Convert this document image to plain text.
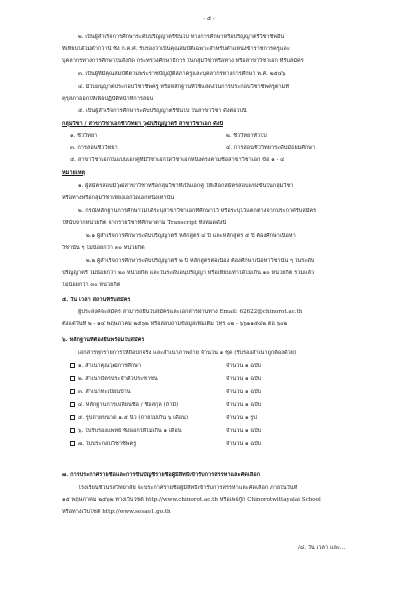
- ๕ -
๒. เป็นผู้สำเร็จการศึกษาระดับปริญญาตรีขึ้นไป ทางการศึกษาหรือปริญญาตรีวิชาชีพอื่น
ที่เทียบได้ไม่ต่ำกว่านี้ ซึ่ง ก.ค.ศ. รับรองว่าเป็นคุณสมบัติเฉพาะสำหรับตำแหน่งข้าราชการครูและ
บุคลากรทางการศึกษาในสังกัด กระทรวงศึกษาธิการ ในกลุ่มวิชาหรือทาง หรือสาขาวิชาเอก ที่รับสมัคร
๓. เป็นผู้ที่มีคุณสมบัติตามพระราชบัญญัติสภาครูและบุคลากรทางการศึกษา พ.ศ. ๒๕๔๖
๔. มีใบอนุญาตประกอบวิชาชีพครู หรือหลักฐานที่ใช้แสดงในการประกอบวิชาชีพครูตามที่
คุรุสภาออกให้เพื่อปฏิบัติหน้าที่การสอน
๕. เป็นผู้สำเร็จการศึกษาระดับปริญญาตรีขึ้นไป ในสาขาวิชา ดังต่อไปนี้
กลุ่มวิชา / สาขาวิชาเอกชีววิทยา วุฒิปริญญาตรี สาขาวิชาเอก ดังนี้
๑. ชีววิทยา	๒. ชีววิทยาทั่วไป
๓. การสอนชีววิทยา	๔. การสอนชีววิทยาระดับมัธยมศึกษา
๕. สาขาวิชาเอกในแบบเอกคู่ที่มีวิชาเอกใดวิชาเอกหนึ่งตรงตามชื่อสาขาวิชาเอก ข้อ ๑ - ๔
หมายเหตุ
๑. ผู้สมัครสอบมีวุฒิสาขาวิชาหรือกลุ่มวิชาที่เป็นเอกคู่ ให้เลือกสมัครสอบแข่งขันในกลุ่มวิชา
หรือทางหรือกลุ่มวิชาเพียงเอกใดเอกหนึ่งเท่านั้น
๒. กรณีหลักฐานการศึกษาไม่ได้ระบุสาขาวิชาเอกที่ศึกษาไว้ หรือระบุไว้แตกต่างจากประกาศรับสมัคร
ให้นับจากหน่วยกิต จากรายวิชาที่ศึกษาตาม Transcript ทั้งหมดดังนี้
๒.๑ ผู้สำเร็จการศึกษาระดับปริญญาตรี หลักสูตร ๔ ปี และหลักสูตร ๕ ปี ต้องศึกษาเนื้อหา
วิชานั้น ๆ ไม่น้อยกว่า ๓๐ หน่วยกิต
๒.๒ ผู้สำเร็จการศึกษาระดับปริญญาตรี ๒ ปี หลักสูตรต่อเนื่อง ต้องศึกษาเนื้อหาวิชานั้น ๆ ในระดับ
ปริญญาตรี ไม่น้อยกว่า ๒๐ หน่วยกิต และในระดับอนุปริญญา หรือเทียบเท่าได้ไม่เกิน ๑๐ หน่วยกิต รวมแล้ว
ไม่น้อยกว่า ๓๐ หน่วยกิต
๕. วัน เวลา สถานที่รับสมัคร
ผู้ประสงค์จะสมัคร สามารถยื่นใบสมัครและเอกสารผ่านทาง Email: 62622@chinorot.ac.th
ตั้งแต่วันที่ ๒ - ๑๔ พฤษภาคม ๒๕๖๒ หรือสอบถามข้อมูลเพิ่มเติม โทร ๐๒ - ๖๖๑๑๕๔๒ ต่อ ๖๐๒
๖. หลักฐานที่ต้องยื่นพร้อมใบสมัคร
เอกสารทุกรายการให้ถือปกจริง และสำเนาภาพถ่าย จำนวน ๑ ชุด (รับรองสำเนาถูกต้องด้วย)
๑. สำเนาคุณวุฒิการศึกษา	จำนวน ๑ ฉบับ
๒. สำเนาบัตรประจำตัวประชาชน	จำนวน ๑ ฉบับ
๓. สำเนาทะเบียนบ้าน	จำนวน ๑ ฉบับ
๔. หลักฐานการเปลี่ยนชื่อ / ชื่อสกุล (ถ้ามี)	จำนวน ๑ ฉบับ
๕. รูปถ่ายขนาด ๑.๕ นิ้ว (ถ่ายไม่เกิน ๖ เดือน)	จำนวน ๑ รูป
๖. ใบรับรองแพทย์ ซึ่งออกให้ไม่เกิน ๑ เดือน	จำนวน ๑ ฉบับ
๗. ใบประกอบวิชาชีพครู	จำนวน ๑ ฉบับ
๗. การประกาศรายชื่อและการขึ้นบัญชีรายชื่อผู้มีสิทธิ์เข้ารับการสรรหาและคัดเลือก
โรงเรียนชิโนรสวิทยาลัย จะประกาศรายชื่อผู้มีสิทธิ์เข้ารับการสรรหาและคัดเลือก ภายในวันที่
๑๕ พฤษภาคม ๒๕๖๒ ทางเว็บไซต์ http://www.chinorot.ac.th หรือเพจกู๊ก Chinorotwittayalai School
หรือทางเว็บไซต์ http://www.sesao1.go.th
/๘. วัน เวลา และ...
